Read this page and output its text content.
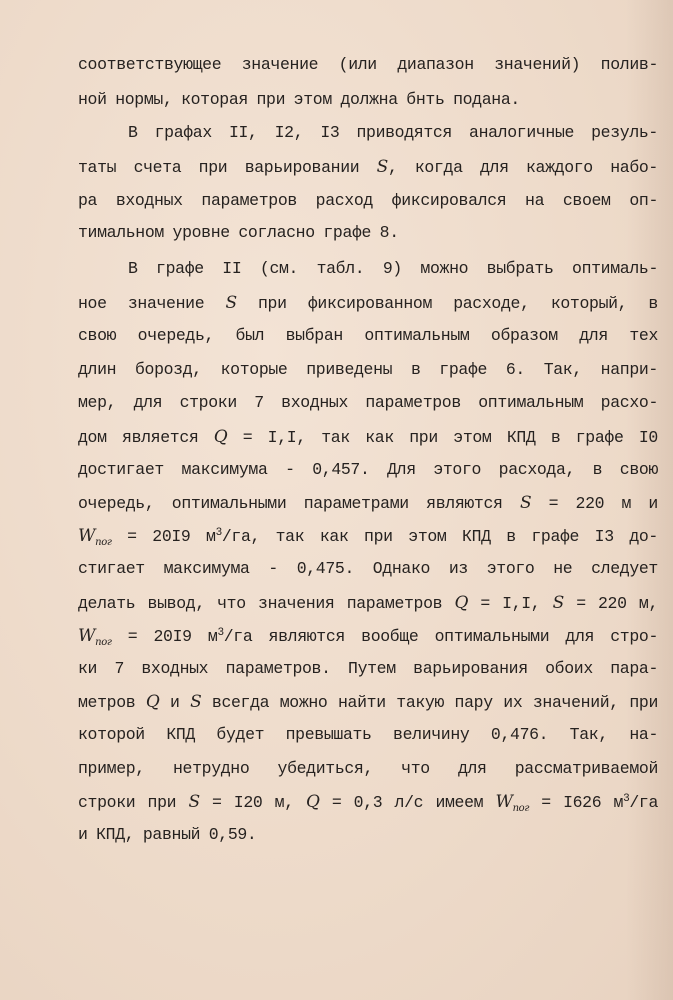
соответствующее значение (или диапазон значений) полив-
ной нормы, которая при этом должна бнть подана.
В графах II, I2, I3 приводятся аналогичные резуль-
таты счета при варьировании S, когда для каждого набо-
ра входных параметров расход фиксировался на своем оп-
тимальном уровне согласно графе 8.
В графе II (см. табл. 9) можно выбрать оптималь-
ное значение S при фиксированном расходе, который, в
свою очередь, был выбран оптимальным образом для тех
длин борозд, которые приведены в графе 6. Так, напри-
мер, для строки 7 входных параметров оптимальным расхо-
дом является Q = I,I, так как при этом КПД в графе I0
достигает максимума - 0,457. Для этого расхода, в свою
очередь, оптимальными параметрами являются S = 220 м и
$W_{пог} = 20I9$ $м^3/га$, так как при этом КПД в графе I3 до-
стигает максимума - 0,475. Однако из этого не следует
делать вывод, что значения параметров Q = I,I, S = 220 м,
$W_{пог} = 20I9$ $м^3/га$ являются вообще оптимальными для стро-
ки 7 входных параметров. Путем варьирования обоих пара-
метров Q и S всегда можно найти такую пару их значений, при
которой КПД будет превышать величину 0,476. Так, на-
пример, нетрудно убедиться, что для рассматриваемой
строки при S = I20 м, Q = 0,3 л/с имеем $W_{пог} = I626$ $м^3/га$
и КПД, равный 0,59.
